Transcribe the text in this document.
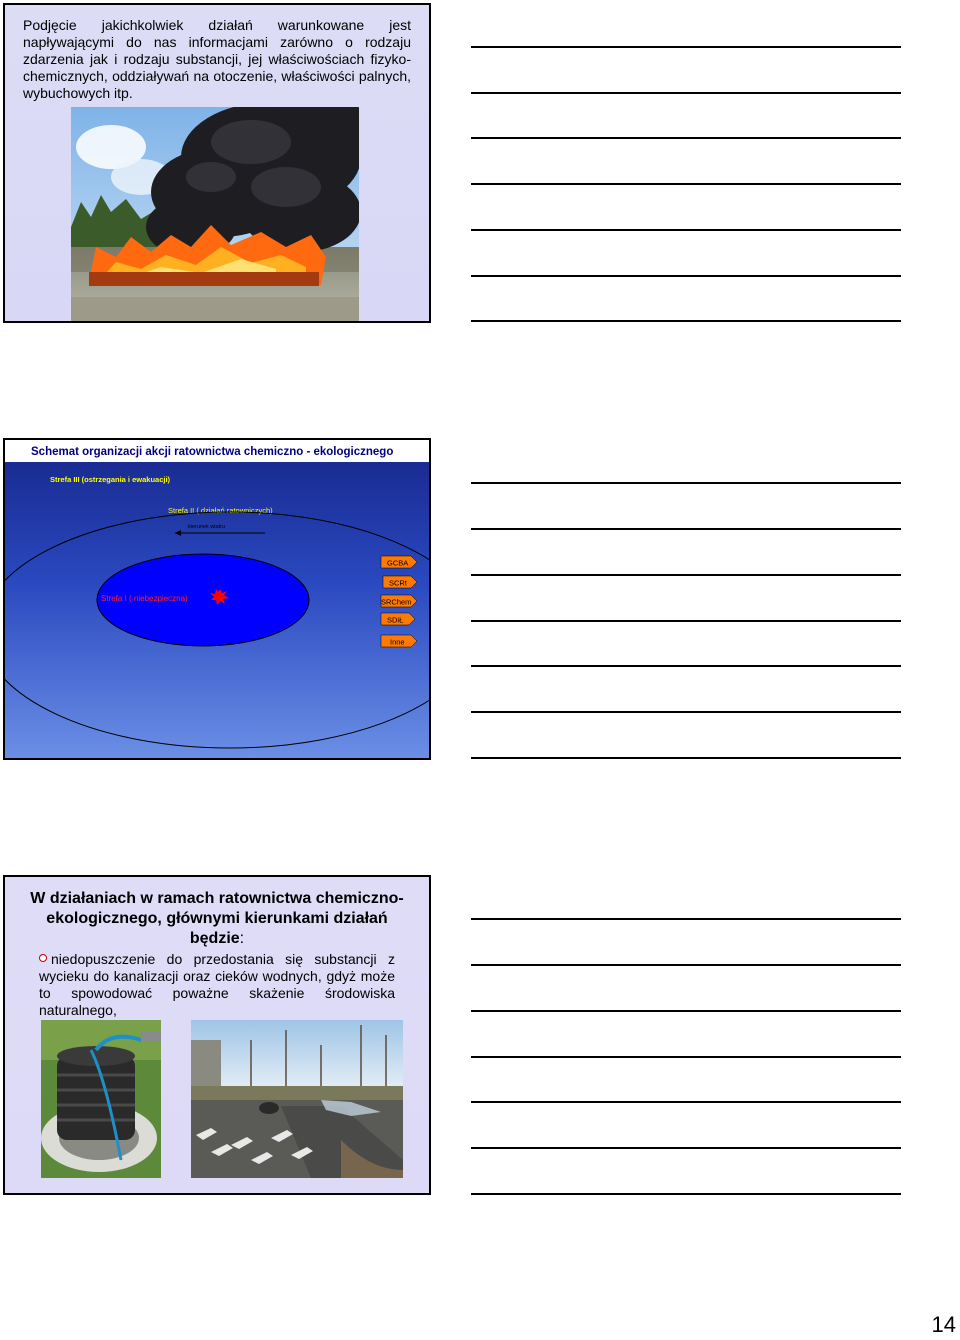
Podjęcie jakichkolwiek działań warunkowane jest napływającymi do nas informacjami zarówno o rodzaju zdarzenia jak i rodzaju substancji, jej właściwościach fizyko-chemicznych, oddziaływań na otoczenie, właściwości palnych, wybuchowych itp.
Schemat organizacji akcji ratownictwa chemiczno - ekologicznego
Strefa III (ostrzegania i ewakuacji)
Strefa II ( działań ratowniczych)
kierunek wiatru
Strefa I ( niebezpieczna)
GCBA
SCRt
SRChem
SDiŁ
Inne
W działaniach w ramach ratownictwa chemiczno-ekologicznego, głównymi kierunkami działań będzie:
niedopuszczenie do przedostania się substancji z wycieku do kanalizacji oraz cieków wodnych, gdyż może to spowodować poważne skażenie środowiska naturalnego,
14
